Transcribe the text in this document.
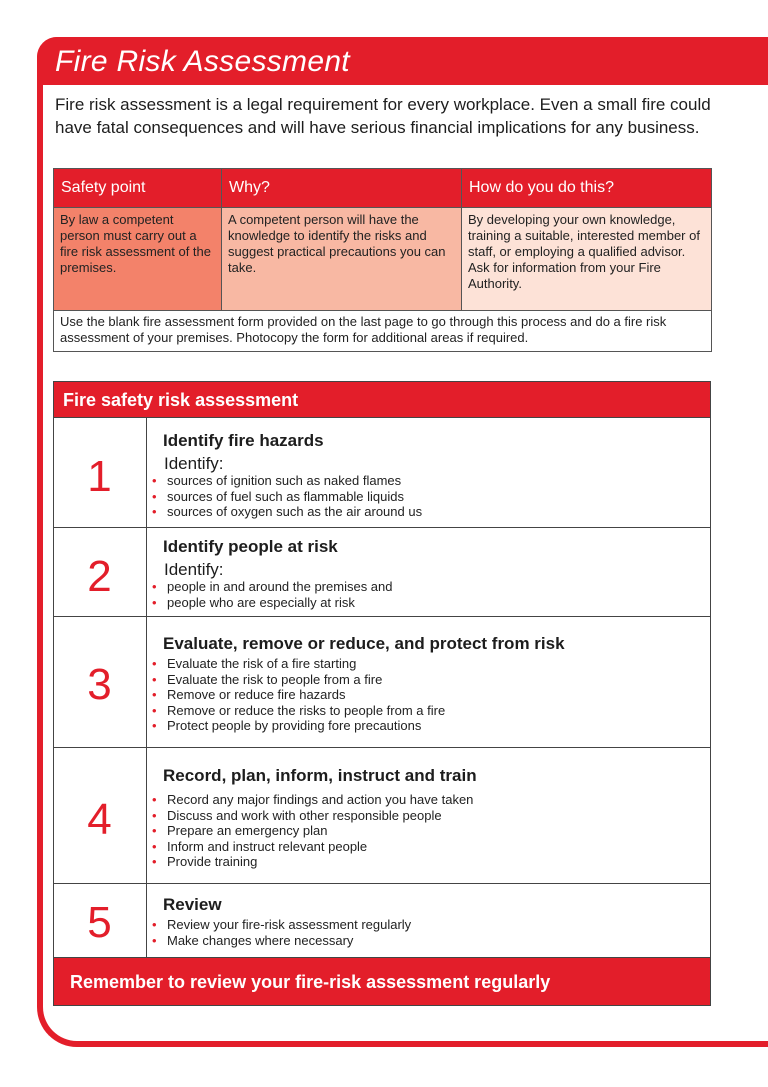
Fire Risk Assessment
Fire risk assessment is a legal requirement for every workplace. Even a small fire could have fatal consequences and will have serious financial implications for any business.
Safety point	Why?	How do you do this?
By law a competent person must carry out a fire risk assessment of the premises.	A competent person will have the knowledge to identify the risks and suggest practical precautions you can take.	By developing your own knowledge, training a suitable, interested member of staff, or employing a qualified advisor. Ask for information from your Fire Authority.
Use the blank fire assessment form provided on the last page to go through this process and do a fire risk assessment of your premises. Photocopy the form for additional areas if required.		
Fire safety risk assessment
1
Identify fire hazards
Identify:
• sources of ignition such as naked flames
• sources of fuel such as flammable liquids
• sources of oxygen such as the air around us
2
Identify people at risk
Identify:
• people in and around the premises and
• people who are especially at risk
3
Evaluate, remove or reduce, and protect from risk
• Evaluate the risk of a fire starting
• Evaluate the risk to people from a fire
• Remove or reduce fire hazards
• Remove or reduce the risks to people from a fire
• Protect people by providing fore precautions
4
Record, plan, inform, instruct and train
• Record any major findings and action you have taken
• Discuss and work with other responsible people
• Prepare an emergency plan
• Inform and instruct relevant people
• Provide training
5	Review
• Review your fire-risk assessment regularly
• Make changes where necessary
Remember to review your fire-risk assessment regularly
